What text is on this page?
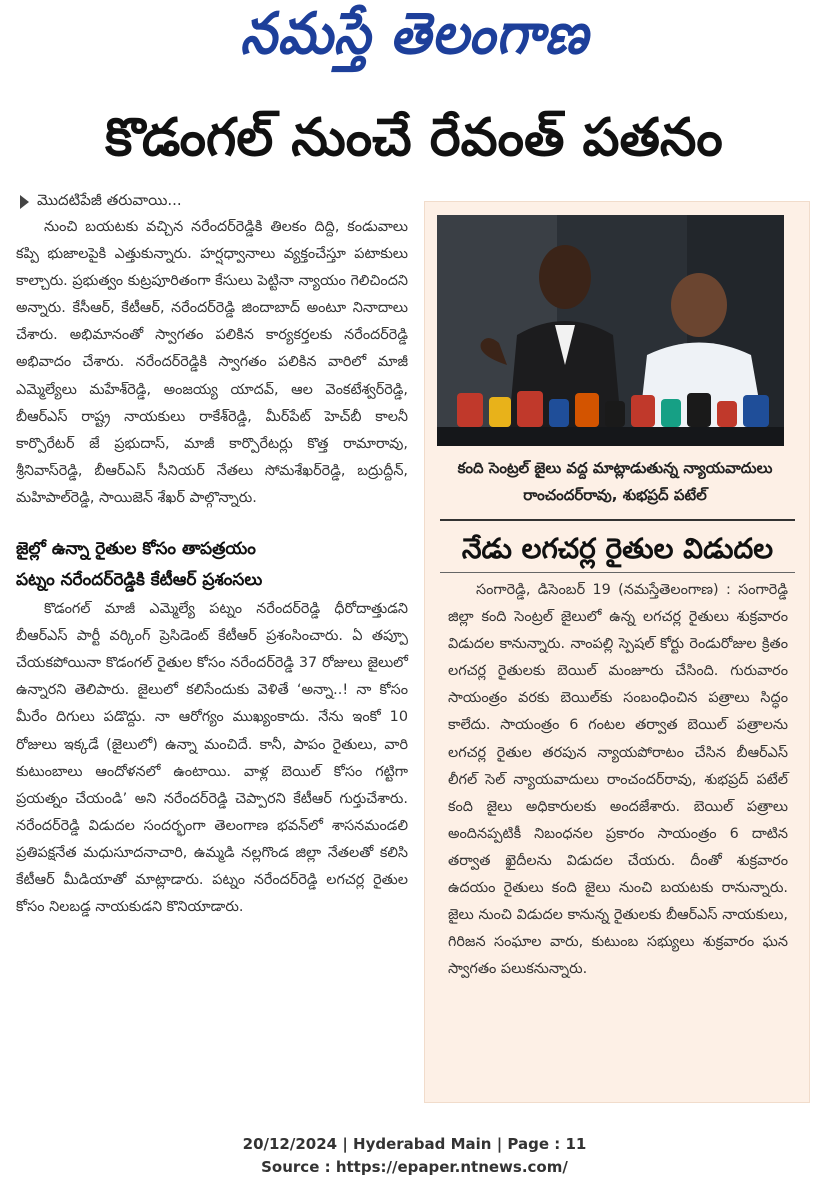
నమస్తే తెలంగాణ
కొడంగల్ నుంచే రేవంత్ పతనం
మొదటిపేజీ తరువాయి...

నుంచి బయటకు వచ్చిన నరేందర్‌రెడ్డికి తిలకం దిద్ది, కండువాలు కప్పి భుజాలపైకి ఎత్తుకున్నారు. హర్షధ్వానాలు వ్యక్తంచేస్తూ పటాకులు కాల్చారు. ప్రభుత్వం కుట్రపూరితంగా కేసులు పెట్టినా న్యాయం గెలిచిందని అన్నారు. కేసీఆర్, కేటీఆర్, నరేందర్‌రెడ్డి జిందాబాద్ అంటూ నినాదాలు చేశారు. అభిమానంతో స్వాగతం పలికిన కార్యకర్తలకు నరేందర్‌రెడ్డి అభివాదం చేశారు. నరేందర్‌రెడ్డికి స్వాగతం పలికిన వారిలో మాజీ ఎమ్మెల్యేలు మహేశ్‌రెడ్డి, అంజయ్య యాదవ్, ఆల వెంకటేశ్వర్‌రెడ్డి, బీఆర్‌ఎస్ రాష్ట్ర నాయకులు రాకేశ్‌రెడ్డి, మీర్‌పేట్ హెచ్‌బీ కాలనీ కార్పొరేటర్ జే ప్రభుదాస్, మాజీ కార్పొరేటర్లు కొత్త రామారావు, శ్రీనివాస్‌రెడ్డి, బీఆర్‌ఎస్ సీనియర్ నేతలు సోమశేఖర్‌రెడ్డి, బద్రుద్దీన్, మహిపాల్‌రెడ్డి, సాయిజెన్ శేఖర్ పాల్గొన్నారు.

జైల్లో ఉన్నా రైతుల కోసం తాపత్రయం

పట్నం నరేందర్‌రెడ్డికి కేటీఆర్ ప్రశంసలు

కొడంగల్ మాజీ ఎమ్మెల్యే పట్నం నరేందర్‌రెడ్డి ధీరోదాత్తుడని బీఆర్‌ఎస్ పార్టీ వర్కింగ్ ప్రెసిడెంట్ కేటీఆర్ ప్రశంసించారు. ఏ తప్పూ చేయకపోయినా కొడంగల్ రైతుల కోసం నరేందర్‌రెడ్డి 37 రోజులు జైలులో ఉన్నారని తెలిపారు. జైలులో కలిసేందుకు వెళితే ‘అన్నా..! నా కోసం మీరేం దిగులు పడొద్దు. నా ఆరోగ్యం ముఖ్యంకాదు. నేను ఇంకో 10 రోజులు ఇక్కడే (జైలులో) ఉన్నా మంచిదే. కానీ, పాపం రైతులు, వారి కుటుంబాలు ఆందోళనలో ఉంటాయి. వాళ్ల బెయిల్ కోసం గట్టిగా ప్రయత్నం చేయండి’ అని నరేందర్‌రెడ్డి చెప్పారని కేటీఆర్ గుర్తుచేశారు. నరేందర్‌రెడ్డి విడుదల సందర్భంగా తెలంగాణ భవన్‌లో శాసనమండలి ప్రతిపక్షనేత మధుసూదనాచారి, ఉమ్మడి నల్లగొండ జిల్లా నేతలతో కలిసి కేటీఆర్ మీడియాతో మాట్లాడారు. పట్నం నరేందర్‌రెడ్డి లగచర్ల రైతుల కోసం నిలబడ్డ నాయకుడని కొనియాడారు.

కంది సెంట్రల్ జైలు వద్ద మాట్లాడుతున్న న్యాయవాదులు రాంచందర్‌రావు, శుభప్రద్ పటేల్
నేడు లగచర్ల రైతుల విడుదల

సంగారెడ్డి, డిసెంబర్ 19 (నమస్తేతెలంగాణ) : సంగారెడ్డి జిల్లా కంది సెంట్రల్ జైలులో ఉన్న లగచర్ల రైతులు శుక్రవారం విడుదల కానున్నారు. నాంపల్లి స్పెషల్ కోర్టు రెండురోజుల క్రితం లగచర్ల రైతులకు బెయిల్ మంజూరు చేసింది. గురువారం సాయంత్రం వరకు బెయిల్‌కు సంబంధించిన పత్రాలు సిద్ధం కాలేదు. సాయంత్రం 6 గంటల తర్వాత బెయిల్ పత్రాలను లగచర్ల రైతుల తరపున న్యాయపోరాటం చేసిన బీఆర్‌ఎస్ లీగల్ సెల్ న్యాయవాదులు రాంచందర్‌రావు, శుభప్రద్ పటేల్ కంది జైలు అధికారులకు అందజేశారు. బెయిల్ పత్రాలు అందినప్పటికీ నిబంధనల ప్రకారం సాయంత్రం 6 దాటిన తర్వాత ఖైదీలను విడుదల చేయరు. దీంతో శుక్రవారం ఉదయం రైతులు కంది జైలు నుంచి బయటకు రానున్నారు. జైలు నుంచి విడుదల కానున్న రైతులకు బీఆర్‌ఎస్ నాయకులు, గిరిజన సంఘాల వారు, కుటుంబ సభ్యులు శుక్రవారం ఘన స్వాగతం పలుకనున్నారు.

20/12/2024 | Hyderabad Main | Page : 11
Source : https://epaper.ntnews.com/
